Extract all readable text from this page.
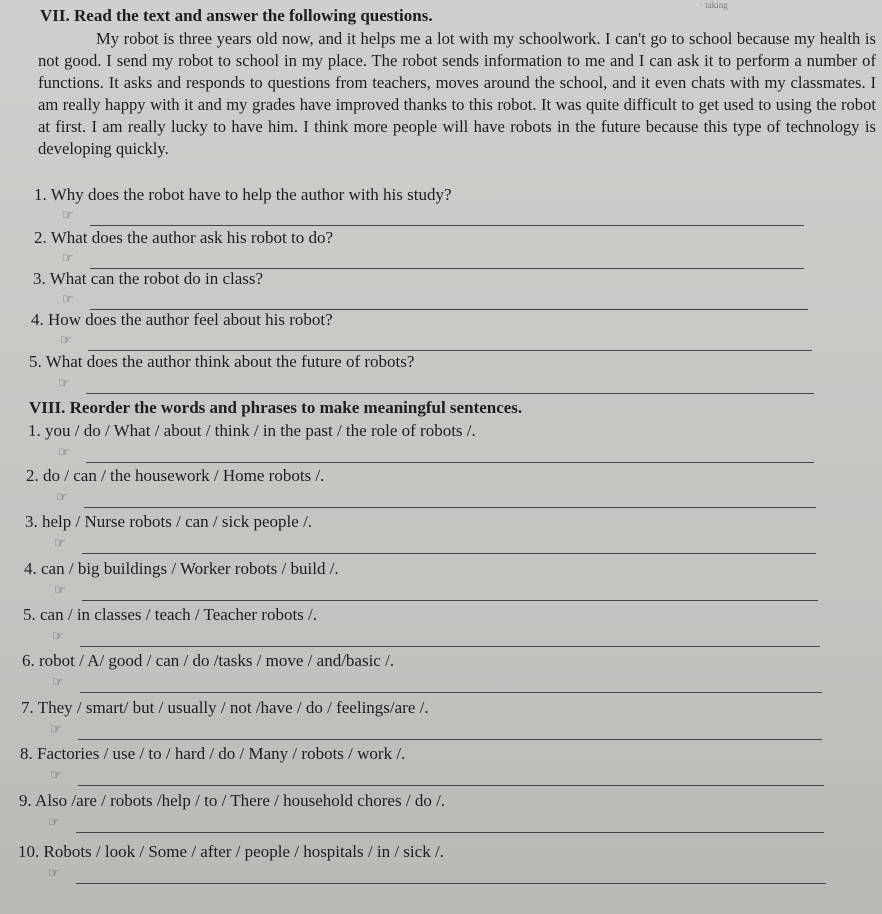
· taking
VII. Read the text and answer the following questions.

My robot is three years old now, and it helps me a lot with my schoolwork. I can't go to school because my health is not good. I send my robot to school in my place. The robot sends information to me and I can ask it to perform a number of functions. It asks and responds to questions from teachers, moves around the school, and it even chats with my classmates. I am really happy with it and my grades have improved thanks to this robot. It was quite difficult to get used to using the robot at first. I am really lucky to have him. I think more people will have robots in the future because this type of technology is developing quickly.

1. Why does the robot have to help the author with his study?
☞
2. What does the author ask his robot to do?
☞
3. What can the robot do in class?
☞
4. How does the author feel about his robot?
☞
5. What does the author think about the future of robots?
☞
VIII. Reorder the words and phrases to make meaningful sentences.
1. you / do / What / about / think / in the past / the role of robots /.
☞
2. do / can / the housework / Home robots /.
☞
3. help / Nurse robots / can / sick people /.
☞
4. can / big buildings / Worker robots / build /.
☞
5. can / in classes / teach / Teacher robots /.
☞
6. robot / A/ good / can / do /tasks / move / and/basic /.
☞
7. They / smart/ but / usually / not /have / do / feelings/are /.
☞
8. Factories / use / to / hard / do / Many / robots / work /.
☞
9. Also /are / robots /help / to / There / household chores / do /.
☞
10. Robots / look / Some / after / people / hospitals / in / sick /.
☞
